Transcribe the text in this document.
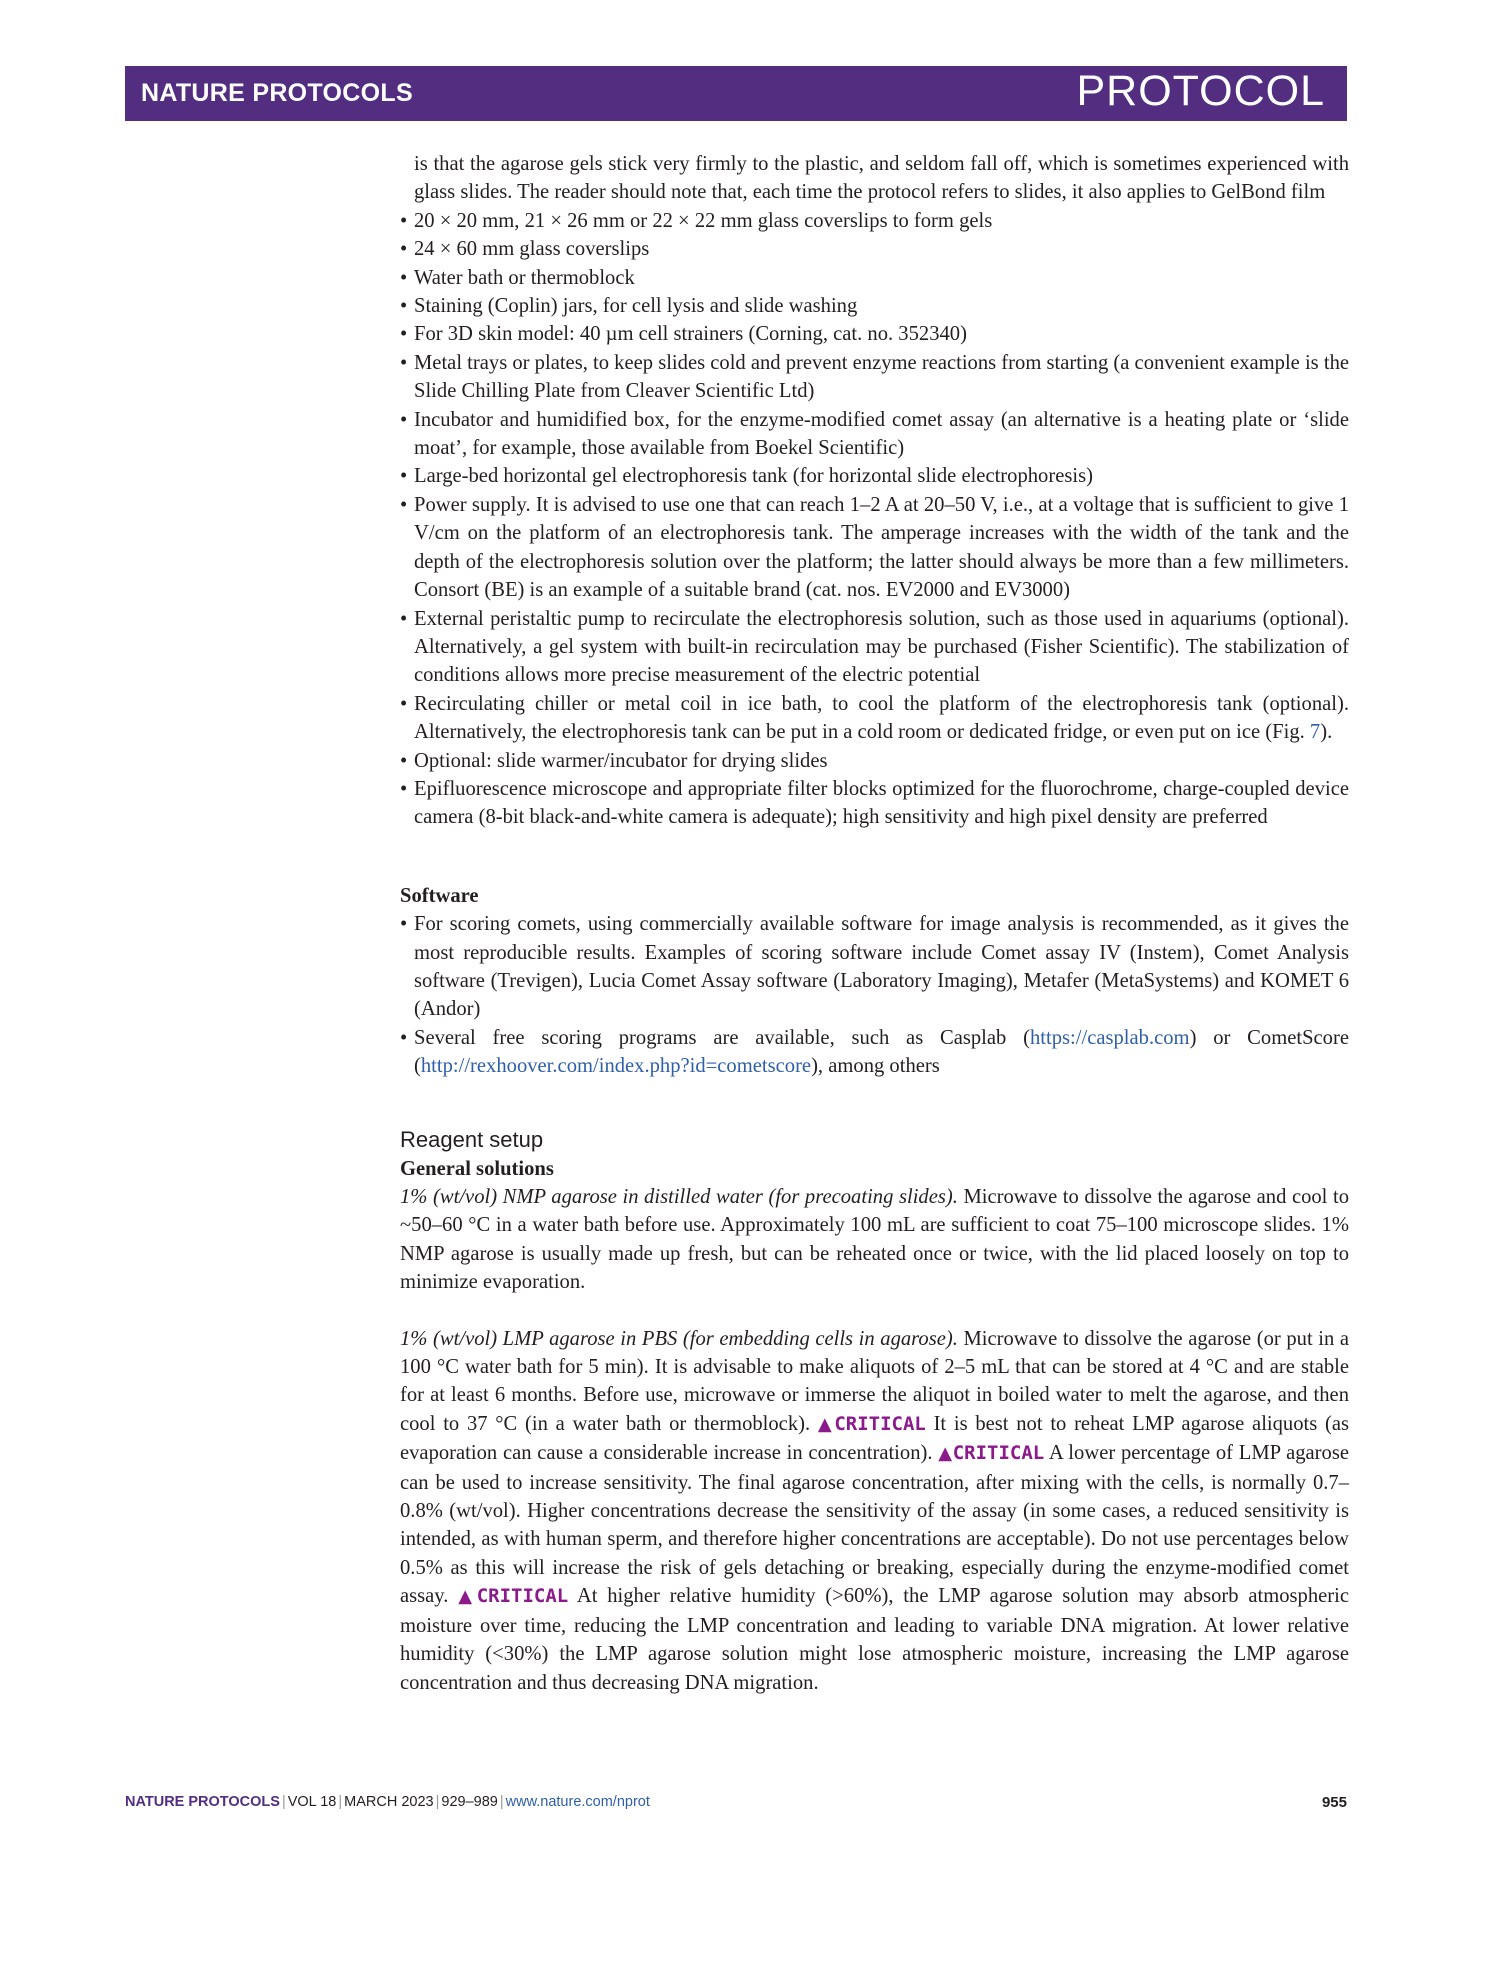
NATURE PROTOCOLS	PROTOCOL

is that the agarose gels stick very firmly to the plastic, and seldom fall off, which is sometimes experienced with glass slides. The reader should note that, each time the protocol refers to slides, it also applies to GelBond film

• 20 × 20 mm, 21 × 26 mm or 22 × 22 mm glass coverslips to form gels
• 24 × 60 mm glass coverslips
• Water bath or thermoblock
• Staining (Coplin) jars, for cell lysis and slide washing
• For 3D skin model: 40 µm cell strainers (Corning, cat. no. 352340)
• Metal trays or plates, to keep slides cold and prevent enzyme reactions from starting (a convenient example is the Slide Chilling Plate from Cleaver Scientific Ltd)
• Incubator and humidified box, for the enzyme-modified comet assay (an alternative is a heating plate or ‘slide moat’, for example, those available from Boekel Scientific)
• Large-bed horizontal gel electrophoresis tank (for horizontal slide electrophoresis)
• Power supply. It is advised to use one that can reach 1–2 A at 20–50 V, i.e., at a voltage that is sufficient to give 1 V/cm on the platform of an electrophoresis tank. The amperage increases with the width of the tank and the depth of the electrophoresis solution over the platform; the latter should always be more than a few millimeters. Consort (BE) is an example of a suitable brand (cat. nos. EV2000 and EV3000)
• External peristaltic pump to recirculate the electrophoresis solution, such as those used in aquariums (optional). Alternatively, a gel system with built-in recirculation may be purchased (Fisher Scientific). The stabilization of conditions allows more precise measurement of the electric potential
• Recirculating chiller or metal coil in ice bath, to cool the platform of the electrophoresis tank (optional). Alternatively, the electrophoresis tank can be put in a cold room or dedicated fridge, or even put on ice (Fig. 7).
• Optional: slide warmer/incubator for drying slides
• Epifluorescence microscope and appropriate filter blocks optimized for the fluorochrome, charge-coupled device camera (8-bit black-and-white camera is adequate); high sensitivity and high pixel density are preferred

Software

• For scoring comets, using commercially available software for image analysis is recommended, as it gives the most reproducible results. Examples of scoring software include Comet assay IV (Instem), Comet Analysis software (Trevigen), Lucia Comet Assay software (Laboratory Imaging), Metafer (MetaSystems) and KOMET 6 (Andor)
• Several free scoring programs are available, such as Casplab (https://casplab.com) or CometScore (http://rexhoover.com/index.php?id=cometscore), among others

Reagent setup

General solutions

1% (wt/vol) NMP agarose in distilled water (for precoating slides). Microwave to dissolve the agarose and cool to ~50–60 °C in a water bath before use. Approximately 100 mL are sufficient to coat 75–100 microscope slides. 1% NMP agarose is usually made up fresh, but can be reheated once or twice, with the lid placed loosely on top to minimize evaporation.

1% (wt/vol) LMP agarose in PBS (for embedding cells in agarose). Microwave to dissolve the agarose (or put in a 100 °C water bath for 5 min). It is advisable to make aliquots of 2–5 mL that can be stored at 4 °C and are stable for at least 6 months. Before use, microwave or immerse the aliquot in boiled water to melt the agarose, and then cool to 37 °C (in a water bath or thermoblock). ▲CRITICAL It is best not to reheat LMP agarose aliquots (as evaporation can cause a considerable increase in concentration). ▲CRITICAL A lower percentage of LMP agarose can be used to increase sensitivity. The final agarose concentration, after mixing with the cells, is normally 0.7–0.8% (wt/vol). Higher concentrations decrease the sensitivity of the assay (in some cases, a reduced sensitivity is intended, as with human sperm, and therefore higher concentrations are acceptable). Do not use percentages below 0.5% as this will increase the risk of gels detaching or breaking, especially during the enzyme-modified comet assay. ▲CRITICAL At higher relative humidity (>60%), the LMP agarose solution may absorb atmospheric moisture over time, reducing the LMP concentration and leading to variable DNA migration. At lower relative humidity (<30%) the LMP agarose solution might lose atmospheric moisture, increasing the LMP agarose concentration and thus decreasing DNA migration.

NATURE PROTOCOLS | VOL 18 | MARCH 2023 | 929–989 | www.nature.com/nprot	955
